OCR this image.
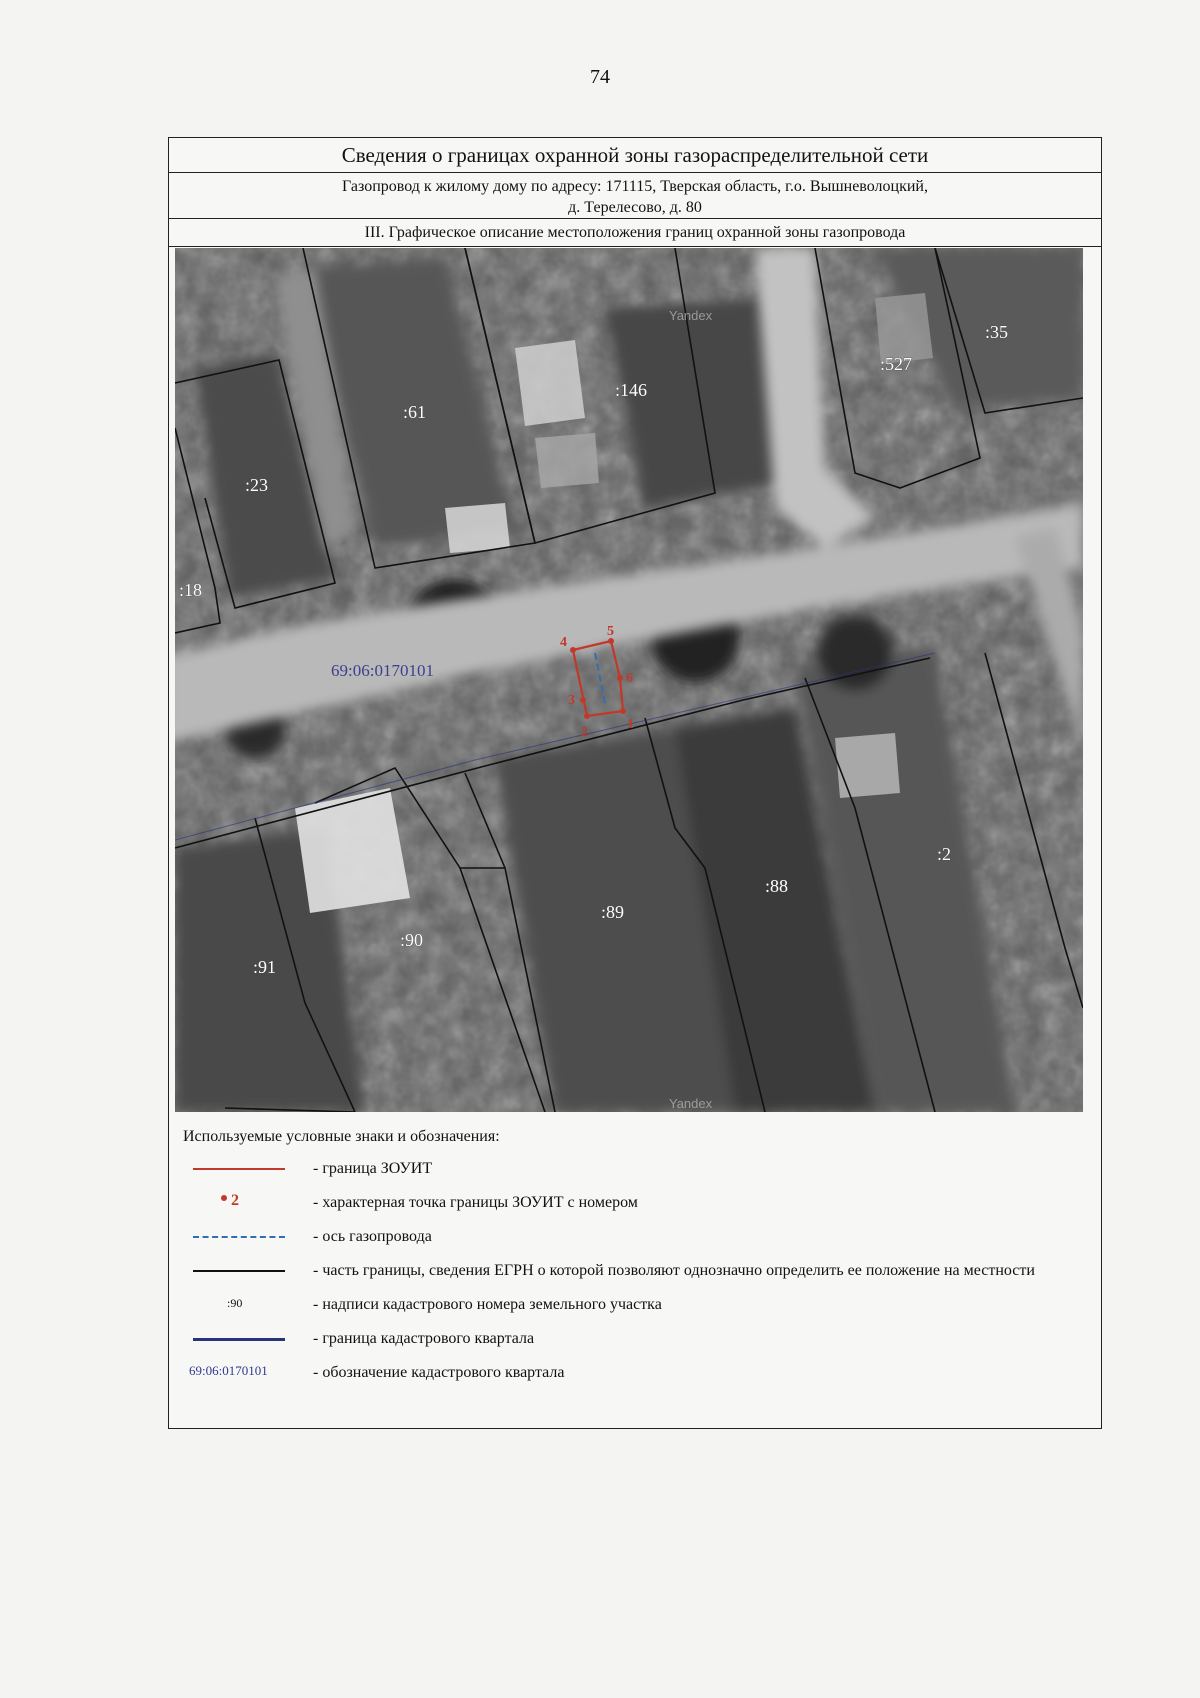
74
Сведения о границах охранной зоны газораспределительной сети
Газопровод к жилому дому по адресу: 171115, Тверская область, г.о. Вышневолоцкий,
д. Терелесово, д. 80
III. Графическое описание местоположения границ охранной зоны газопровода
1
2
3
4
5
6
Yandex
Yandex
:35
:527
:146
:61
:23
:18
:2
:88
:89
:90
:91
69:06:0170101
Используемые условные знаки и обозначения:
- граница ЗОУИТ
2	- характерная точка границы ЗОУИТ с номером
- ось газопровода
- часть границы, сведения ЕГРН о которой позволяют однозначно определить ее положение на местности
:90	- надписи кадастрового номера земельного участка
- граница кадастрового квартала
69:06:0170101	- обозначение кадастрового квартала
